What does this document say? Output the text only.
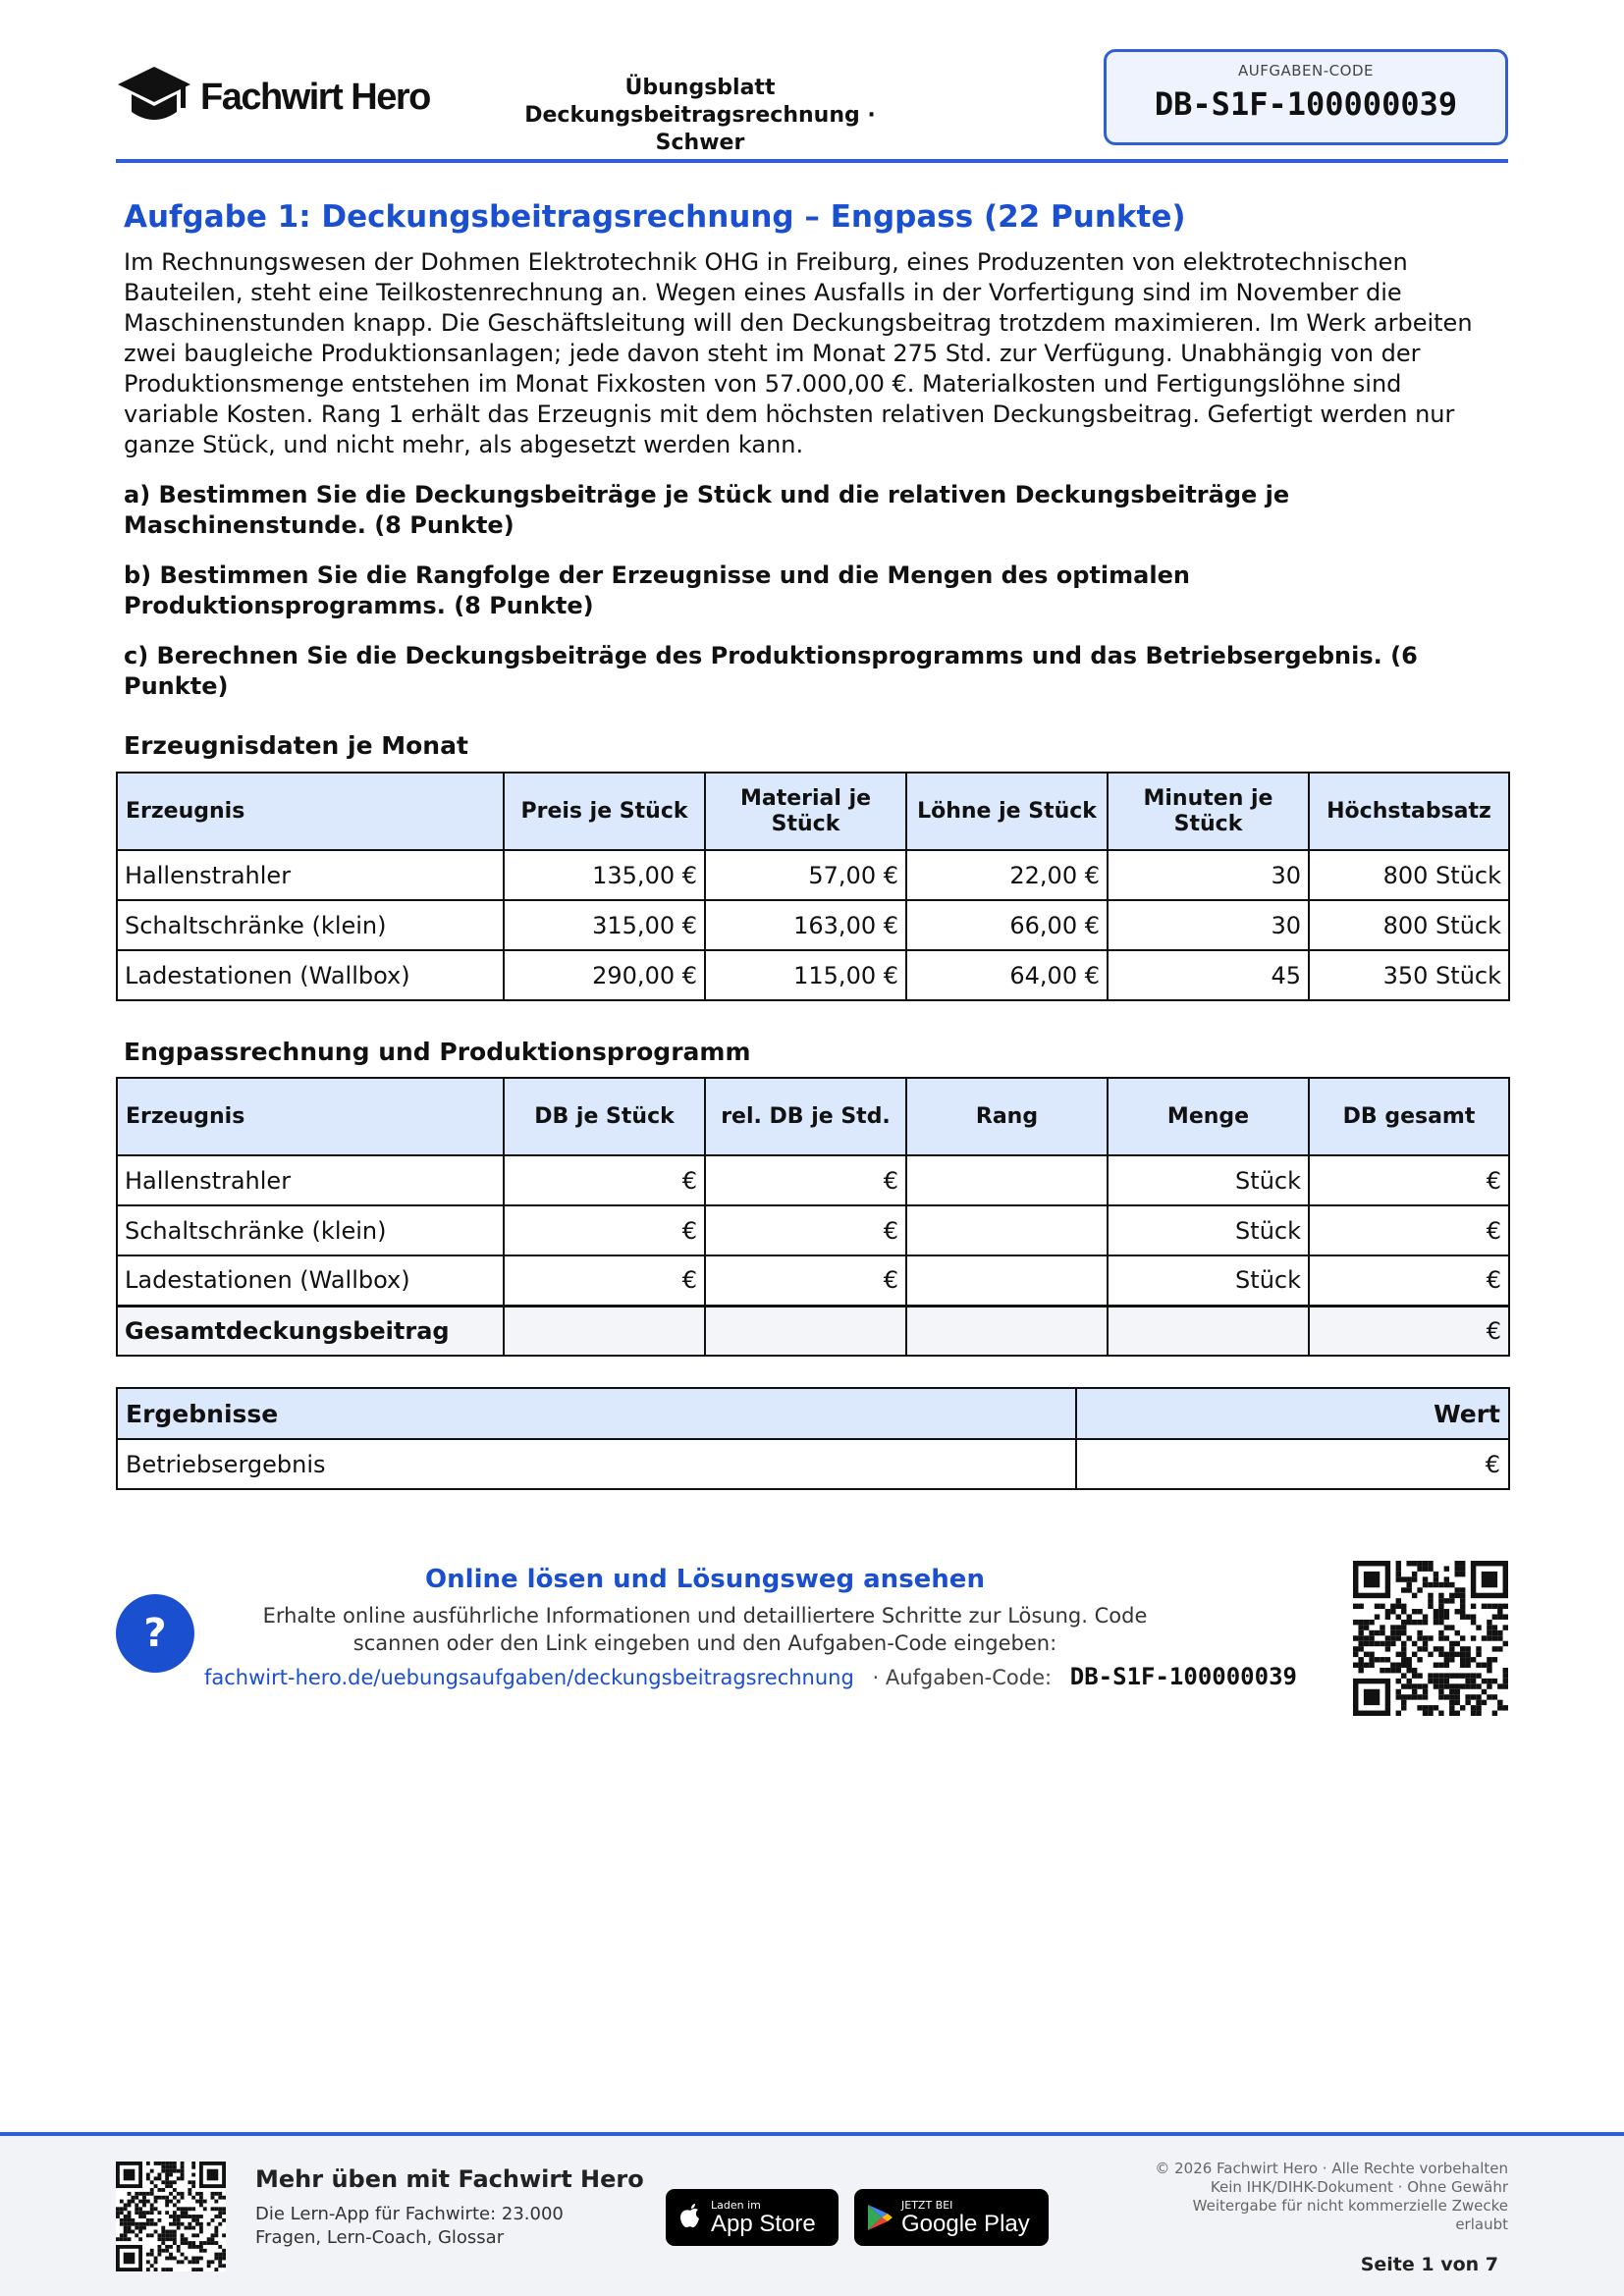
Fachwirt Hero	Übungsblatt Deckungsbeitragsrechnung · Schwer
AUFGABEN-CODE
DB-S1F-100000039
Aufgabe 1: Deckungsbeitragsrechnung – Engpass (22 Punkte)

Im Rechnungswesen der Dohmen Elektrotechnik OHG in Freiburg, eines Produzenten von elektrotechnischen Bauteilen, steht eine Teilkostenrechnung an. Wegen eines Ausfalls in der Vorfertigung sind im November die Maschinenstunden knapp. Die Geschäftsleitung will den Deckungsbeitrag trotzdem maximieren. Im Werk arbeiten zwei baugleiche Produktionsanlagen; jede davon steht im Monat 275 Std. zur Verfügung. Unabhängig von der Produktionsmenge entstehen im Monat Fixkosten von 57.000,00 €. Materialkosten und Fertigungslöhne sind variable Kosten. Rang 1 erhält das Erzeugnis mit dem höchsten relativen Deckungsbeitrag. Gefertigt werden nur ganze Stück, und nicht mehr, als abgesetzt werden kann.

a) Bestimmen Sie die Deckungsbeiträge je Stück und die relativen Deckungsbeiträge je Maschinenstunde. (8 Punkte)

b) Bestimmen Sie die Rangfolge der Erzeugnisse und die Mengen des optimalen Produktionsprogramms. (8 Punkte)

c) Berechnen Sie die Deckungsbeiträge des Produktionsprogramms und das Betriebsergebnis. (6 Punkte)

Erzeugnisdaten je Monat
Erzeugnis	Preis je Stück	Material je Stück	Löhne je Stück	Minuten je Stück	Höchstabsatz
Hallenstrahler	135,00 €	57,00 €	22,00 €	30	800 Stück
Schaltschränke (klein)	315,00 €	163,00 €	66,00 €	30	800 Stück
Ladestationen (Wallbox)	290,00 €	115,00 €	64,00 €	45	350 Stück
Engpassrechnung und Produktionsprogramm
Erzeugnis	DB je Stück	rel. DB je Std.	Rang	Menge	DB gesamt
Hallenstrahler	€	€		Stück	€
Schaltschränke (klein)	€	€		Stück	€
Ladestationen (Wallbox)	€	€		Stück	€
Gesamtdeckungsbeitrag					€
Ergebnisse	Wert
Betriebsergebnis	€
?
Online lösen und Lösungsweg ansehen
Erhalte online ausführliche Informationen und detailliertere Schritte zur Lösung. Code scannen oder den Link eingeben und den Aufgaben-Code eingeben:
fachwirt-hero.de/uebungsaufgaben/deckungsbeitragsrechnung · Aufgaben-Code: DB-S1F-100000039
Mehr üben mit Fachwirt Hero
Die Lern-App für Fachwirte: 23.000 Fragen, Lern-Coach, Glossar
Laden im
App Store
JETZT BEI
Google Play
© 2026 Fachwirt Hero · Alle Rechte vorbehalten
Kein IHK/DIHK-Dokument · Ohne Gewähr
Weitergabe für nicht kommerzielle Zwecke erlaubt
Seite 1 von 7
